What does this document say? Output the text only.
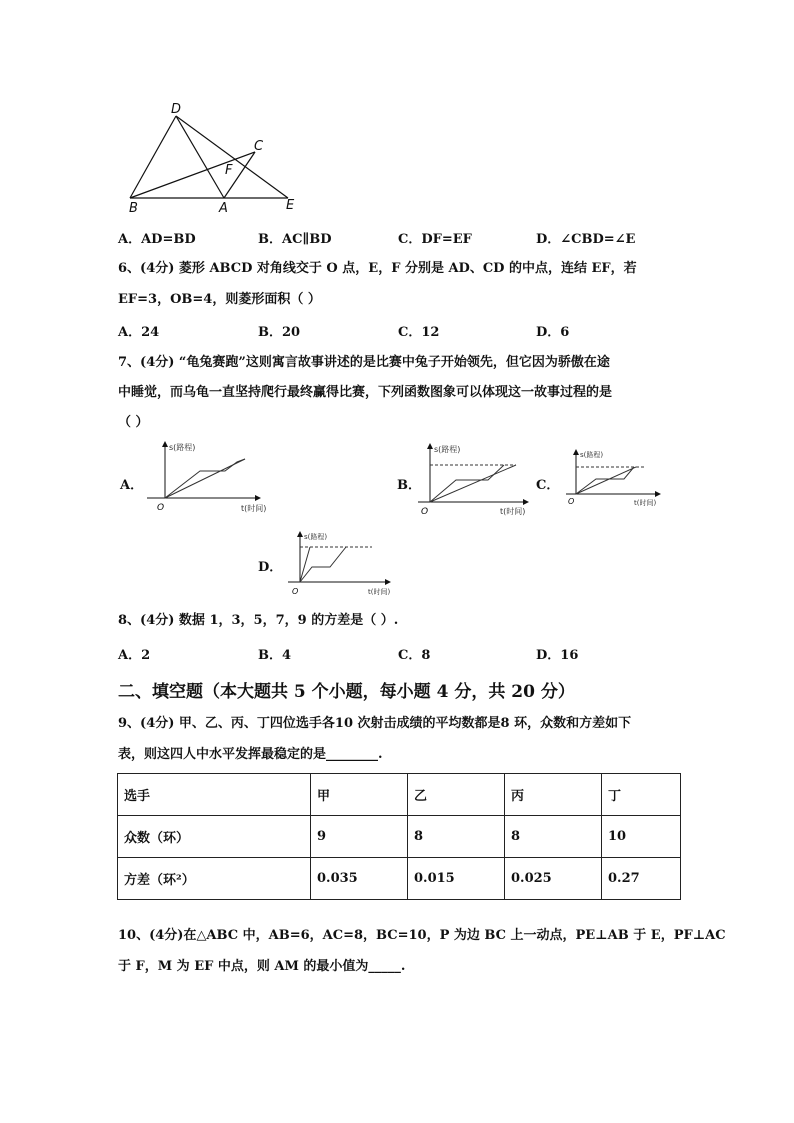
D
C
F
B	A	E
A．AD=BD	B．AC∥BD	C．DF=EF	D．∠CBD=∠E
6、(4分) 菱形 ABCD 对角线交于 O 点，E，F 分别是 AD、CD 的中点，连结 EF，若
EF=3，OB=4，则菱形面积（ ）
A．24	B．20	C．12	D．6
7、(4分) “龟兔赛跑”这则寓言故事讲述的是比赛中兔子开始领先，但它因为骄傲在途
中睡觉，而乌龟一直坚持爬行最终赢得比赛，下列函数图象可以体现这一故事过程的是
（ ）
A．
s(路程)
t(时间)
O
B．
s(路程)
t(时间)
O
C．
s(路程)
t(时间)
O
D．
s(路程)
t(时间)
O
8、(4分) 数据 1，3，5，7，9 的方差是（ ）.
A．2	B．4	C．8	D．16
二、填空题（本大题共 5 个小题，每小题 4 分，共 20 分）
9、(4分) 甲、乙、丙、丁四位选手各10 次射击成绩的平均数都是8 环，众数和方差如下
表，则这四人中水平发挥最稳定的是________.
选手	甲	乙	丙	丁
众数（环）	9	8	8	10
方差（环²）	0.035	0.015	0.025	0.27
10、(4分)在△ABC 中，AB=6，AC=8，BC=10，P 为边 BC 上一动点，PE⊥AB 于 E，PF⊥AC
于 F，M 为 EF 中点，则 AM 的最小值为_____.
